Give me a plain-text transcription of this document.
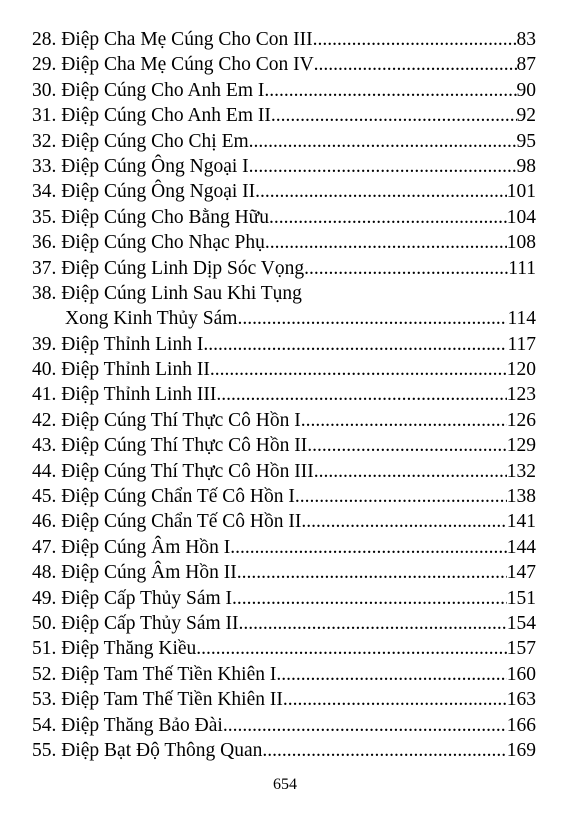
28. Điệp Cha Mẹ Cúng Cho Con III .....	83
29. Điệp Cha Mẹ Cúng Cho Con IV .....	87
30. Điệp Cúng Cho Anh Em I .....	90
31. Điệp Cúng Cho Anh Em II .....	92
32. Điệp Cúng Cho Chị Em .....	95
33. Điệp Cúng Ông Ngoại I .....	98
34. Điệp Cúng Ông Ngoại II .....	101
35. Điệp Cúng Cho Bằng Hữu .....	104
36. Điệp Cúng Cho Nhạc Phụ .....	108
37. Điệp Cúng Linh Dịp Sóc Vọng .....	111
38. Điệp Cúng Linh Sau Khi Tụng
Xong Kinh Thủy Sám .....	114
39. Điệp Thỉnh Linh I .....	117
40. Điệp Thỉnh Linh II .....	120
41. Điệp Thỉnh Linh III .....	123
42. Điệp Cúng Thí Thực Cô Hồn I .....	126
43. Điệp Cúng Thí Thực Cô Hồn II .....	129
44. Điệp Cúng Thí Thực Cô Hồn III .....	132
45. Điệp Cúng Chẩn Tế Cô Hồn I .....	138
46. Điệp Cúng Chẩn Tế Cô Hồn II .....	141
47. Điệp Cúng Âm Hồn I .....	144
48. Điệp Cúng Âm Hồn II .....	147
49. Điệp Cấp Thủy Sám I .....	151
50. Điệp Cấp Thủy Sám II .....	154
51. Điệp Thăng Kiều .....	157
52. Điệp Tam Thế Tiền Khiên I .....	160
53. Điệp Tam Thế Tiền Khiên II .....	163
54. Điệp Thăng Bảo Đài .....	166
55. Điệp Bạt Độ Thông Quan .....	169
654
